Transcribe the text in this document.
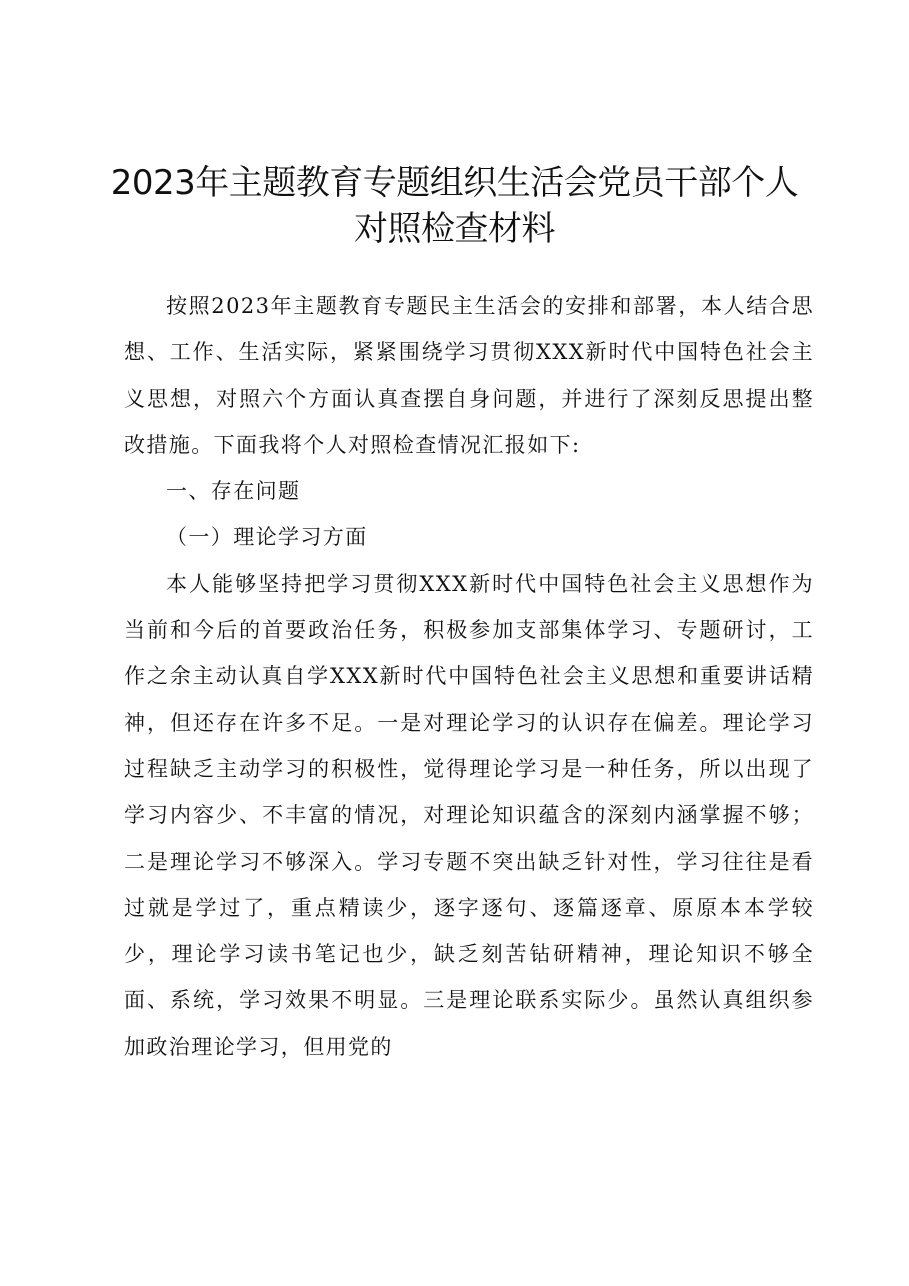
2023年主题教育专题组织生活会党员干部个人
对照检查材料

按照2023年主题教育专题民主生活会的安排和部署，本人结合思想、工作、生活实际，紧紧围绕学习贯彻XXX新时代中国特色社会主义思想，对照六个方面认真查摆自身问题，并进行了深刻反思提出整改措施。下面我将个人对照检查情况汇报如下:

一、存在问题

（一）理论学习方面

本人能够坚持把学习贯彻XXX新时代中国特色社会主义思想作为当前和今后的首要政治任务，积极参加支部集体学习、专题研讨，工作之余主动认真自学XXX新时代中国特色社会主义思想和重要讲话精神，但还存在许多不足。一是对理论学习的认识存在偏差。理论学习过程缺乏主动学习的积极性，觉得理论学习是一种任务，所以出现了学习内容少、不丰富的情况，对理论知识蕴含的深刻内涵掌握不够；二是理论学习不够深入。学习专题不突出缺乏针对性，学习往往是看过就是学过了，重点精读少，逐字逐句、逐篇逐章、原原本本学较少，理论学习读书笔记也少，缺乏刻苦钻研精神，理论知识不够全面、系统，学习效果不明显。三是理论联系实际少。虽然认真组织参加政治理论学习，但用党的
